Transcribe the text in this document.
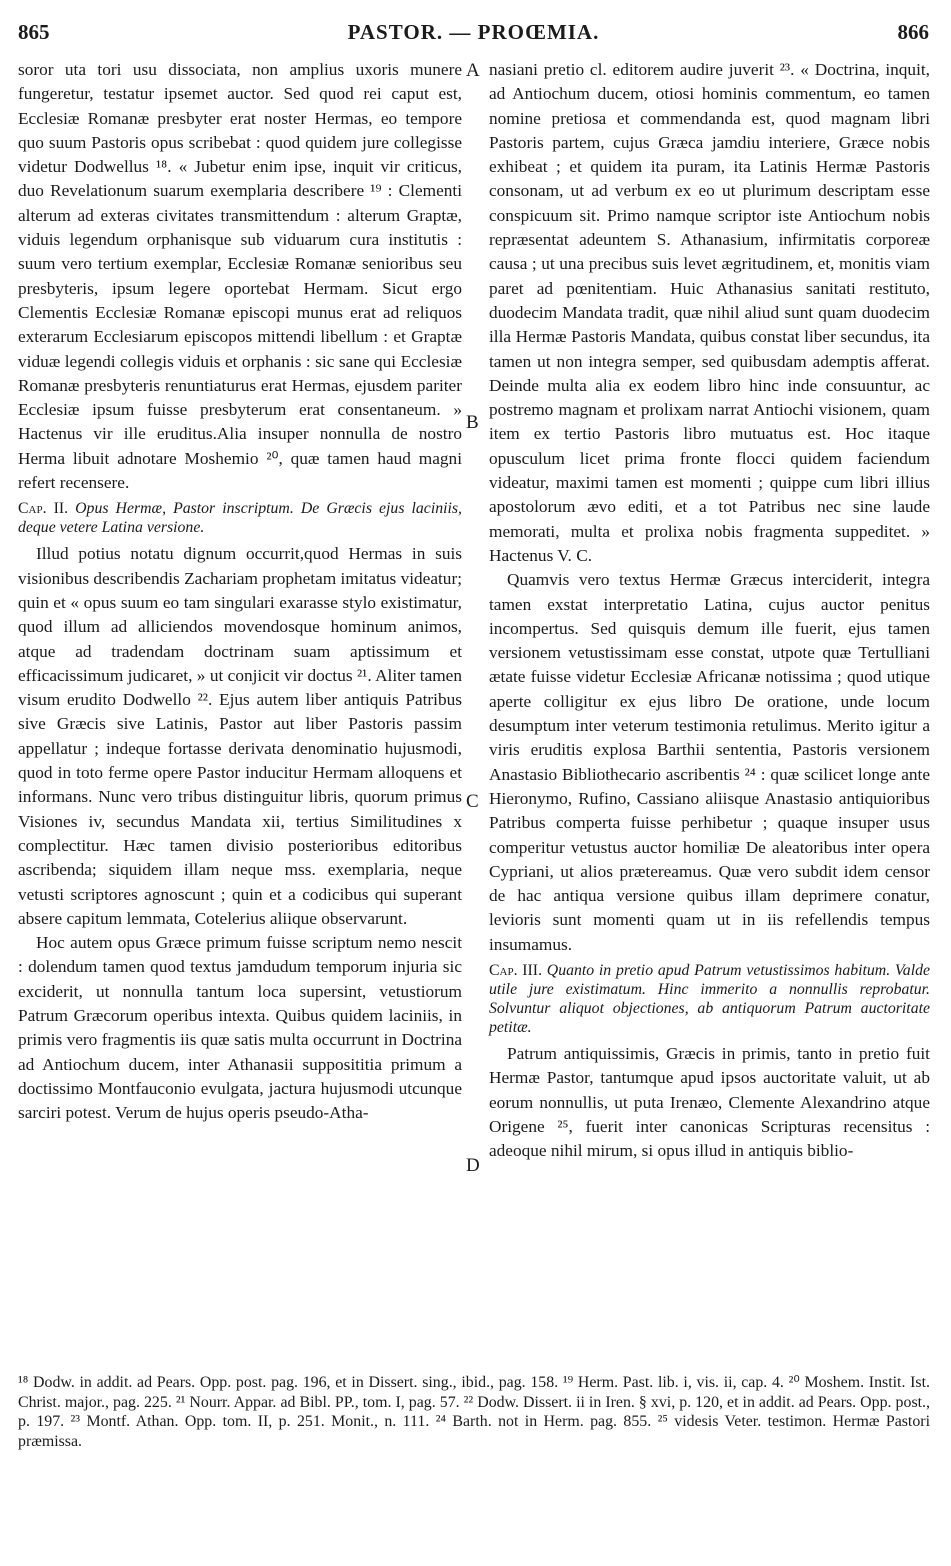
865	PASTOR. — PROŒMIA.	866

soror uta tori usu dissociata, non amplius uxoris munere fungeretur, testatur ipsemet auctor. Sed quod rei caput est, Ecclesiæ Romanæ presbyter erat noster Hermas, eo tempore quo suum Pastoris opus scribebat : quod quidem jure collegisse videtur Dodwellus ¹⁸. « Jubetur enim ipse, inquit vir criticus, duo Revelationum suarum exemplaria describere ¹⁹ : Clementi alterum ad exteras civitates transmittendum : alterum Graptæ, viduis legendum orphanisque sub viduarum cura institutis : suum vero tertium exemplar, Ecclesiæ Romanæ senioribus seu presbyteris, ipsum legere oportebat Hermam. Sicut ergo Clementis Ecclesiæ Romanæ episcopi munus erat ad reliquos exterarum Ecclesiarum episcopos mittendi libellum : et Graptæ viduæ legendi collegis viduis et orphanis : sic sane qui Ecclesiæ Romanæ presbyteris renuntiaturus erat Hermas, ejusdem pariter Ecclesiæ ipsum fuisse presbyterum erat consentaneum. » Hactenus vir ille eruditus.Alia insuper nonnulla de nostro Herma libuit adnotare Moshemio ²⁰, quæ tamen haud magni refert recensere.

Cap. II. Opus Hermæ, Pastor inscriptum. De Græcis ejus laciniis, deque vetere Latina versione.

Illud potius notatu dignum occurrit,quod Hermas in suis visionibus describendis Zachariam prophetam imitatus videatur; quin et « opus suum eo tam singulari exarasse stylo existimatur, quod illum ad alliciendos movendosque hominum animos, atque ad tradendam doctrinam suam aptissimum et efficacissimum judicaret, » ut conjicit vir doctus ²¹. Aliter tamen visum erudito Dodwello ²². Ejus autem liber antiquis Patribus sive Græcis sive Latinis, Pastor aut liber Pastoris passim appellatur ; indeque fortasse derivata denominatio hujusmodi, quod in toto ferme opere Pastor inducitur Hermam alloquens et informans. Nunc vero tribus distinguitur libris, quorum primus Visiones iv, secundus Mandata xii, tertius Similitudines x complectitur. Hæc tamen divisio posterioribus editoribus ascribenda; siquidem illam neque mss. exemplaria, neque vetusti scriptores agnoscunt ; quin et a codicibus qui superant absere capitum lemmata, Cotelerius aliique observarunt.

Hoc autem opus Græce primum fuisse scriptum nemo nescit : dolendum tamen quod textus jamdudum temporum injuria sic exciderit, ut nonnulla tantum loca supersint, vetustiorum Patrum Græcorum operibus intexta. Quibus quidem laciniis, in primis vero fragmentis iis quæ satis multa occurrunt in Doctrina ad Antiochum ducem, inter Athanasii supposititia primum a doctissimo Montfauconio evulgata, jactura hujusmodi utcunque sarciri potest. Verum de hujus operis pseudo-Atha-

A
B
C
D

nasiani pretio cl. editorem audire juverit ²³. « Doctrina, inquit, ad Antiochum ducem, otiosi hominis commentum, eo tamen nomine pretiosa et commendanda est, quod magnam libri Pastoris partem, cujus Græca jamdiu interiere, Græce nobis exhibeat ; et quidem ita puram, ita Latinis Hermæ Pastoris consonam, ut ad verbum ex eo ut plurimum descriptam esse conspicuum sit. Primo namque scriptor iste Antiochum nobis repræsentat adeuntem S. Athanasium, infirmitatis corporeæ causa ; ut una precibus suis levet ægritudinem, et, monitis viam paret ad pœnitentiam. Huic Athanasius sanitati restituto, duodecim Mandata tradit, quæ nihil aliud sunt quam duodecim illa Hermæ Pastoris Mandata, quibus constat liber secundus, ita tamen ut non integra semper, sed quibusdam ademptis afferat. Deinde multa alia ex eodem libro hinc inde consuuntur, ac postremo magnam et prolixam narrat Antiochi visionem, quam item ex tertio Pastoris libro mutuatus est. Hoc itaque opusculum licet prima fronte flocci quidem faciendum videatur, maximi tamen est momenti ; quippe cum libri illius apostolorum ævo editi, et a tot Patribus nec sine laude memorati, multa et prolixa nobis fragmenta suppeditet. » Hactenus V. C.

Quamvis vero textus Hermæ Græcus interciderit, integra tamen exstat interpretatio Latina, cujus auctor penitus incompertus. Sed quisquis demum ille fuerit, ejus tamen versionem vetustissimam esse constat, utpote quæ Tertulliani ætate fuisse videtur Ecclesiæ Africanæ notissima ; quod utique aperte colligitur ex ejus libro De oratione, unde locum desumptum inter veterum testimonia retulimus. Merito igitur a viris eruditis explosa Barthii sententia, Pastoris versionem Anastasio Bibliothecario ascribentis ²⁴ : quæ scilicet longe ante Hieronymo, Rufino, Cassiano aliisque Anastasio antiquioribus Patribus comperta fuisse perhibetur ; quaque insuper usus comperitur vetustus auctor homiliæ De aleatoribus inter opera Cypriani, ut alios prætereamus. Quæ vero subdit idem censor de hac antiqua versione quibus illam deprimere conatur, levioris sunt momenti quam ut in iis refellendis tempus insumamus.

Cap. III. Quanto in pretio apud Patrum vetustissimos habitum. Valde utile jure existimatum. Hinc immerito a nonnullis reprobatur. Solvuntur aliquot objectiones, ab antiquorum Patrum auctoritate petitæ.

Patrum antiquissimis, Græcis in primis, tanto in pretio fuit Hermæ Pastor, tantumque apud ipsos auctoritate valuit, ut ab eorum nonnullis, ut puta Irenæo, Clemente Alexandrino atque Origene ²⁵, fuerit inter canonicas Scripturas recensitus : adeoque nihil mirum, si opus illud in antiquis biblio-

¹⁸ Dodw. in addit. ad Pears. Opp. post. pag. 196, et in Dissert. sing., ibid., pag. 158. ¹⁹ Herm. Past. lib. i, vis. ii, cap. 4. ²⁰ Moshem. Instit. Ist. Christ. major., pag. 225. ²¹ Nourr. Appar. ad Bibl. PP., tom. I, pag. 57. ²² Dodw. Dissert. ii in Iren. § xvi, p. 120, et in addit. ad Pears. Opp. post., p. 197. ²³ Montf. Athan. Opp. tom. II, p. 251. Monit., n. 111. ²⁴ Barth. not in Herm. pag. 855. ²⁵ videsis Veter. testimon. Hermæ Pastori præmissa.
